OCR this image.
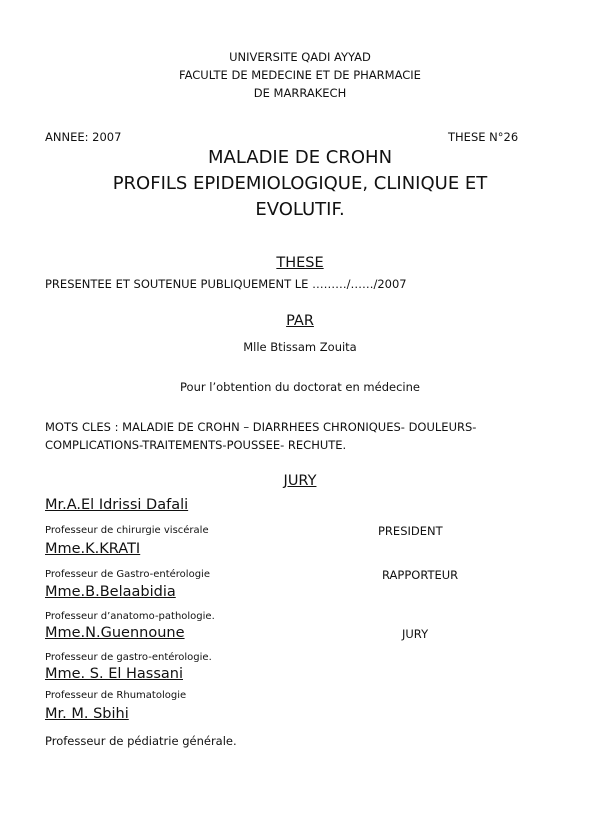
UNIVERSITE QADI AYYAD
FACULTE DE MEDECINE ET DE PHARMACIE
DE MARRAKECH
ANNEE: 2007	THESE N°26
MALADIE DE CROHN
PROFILS EPIDEMIOLOGIQUE, CLINIQUE ET
EVOLUTIF.
THESE
PRESENTEE ET SOUTENUE PUBLIQUEMENT LE ………/……/2007
PAR
Mlle Btissam Zouita
Pour l’obtention du doctorat en médecine
MOTS CLES : MALADIE DE CROHN – DIARRHEES CHRONIQUES- DOULEURS-
COMPLICATIONS-TRAITEMENTS-POUSSEE- RECHUTE.
JURY
Mr.A.El Idrissi Dafali
Professeur de chirurgie viscérale	PRESIDENT
Mme.K.KRATI
Professeur de Gastro-entérologie	RAPPORTEUR
Mme.B.Belaabidia
Professeur d’anatomo-pathologie.
Mme.N.Guennoune
Professeur de gastro-entérologie.
JURY
Mme. S. El Hassani
Professeur de Rhumatologie
Mr. M. Sbihi
Professeur de pédiatrie générale.
